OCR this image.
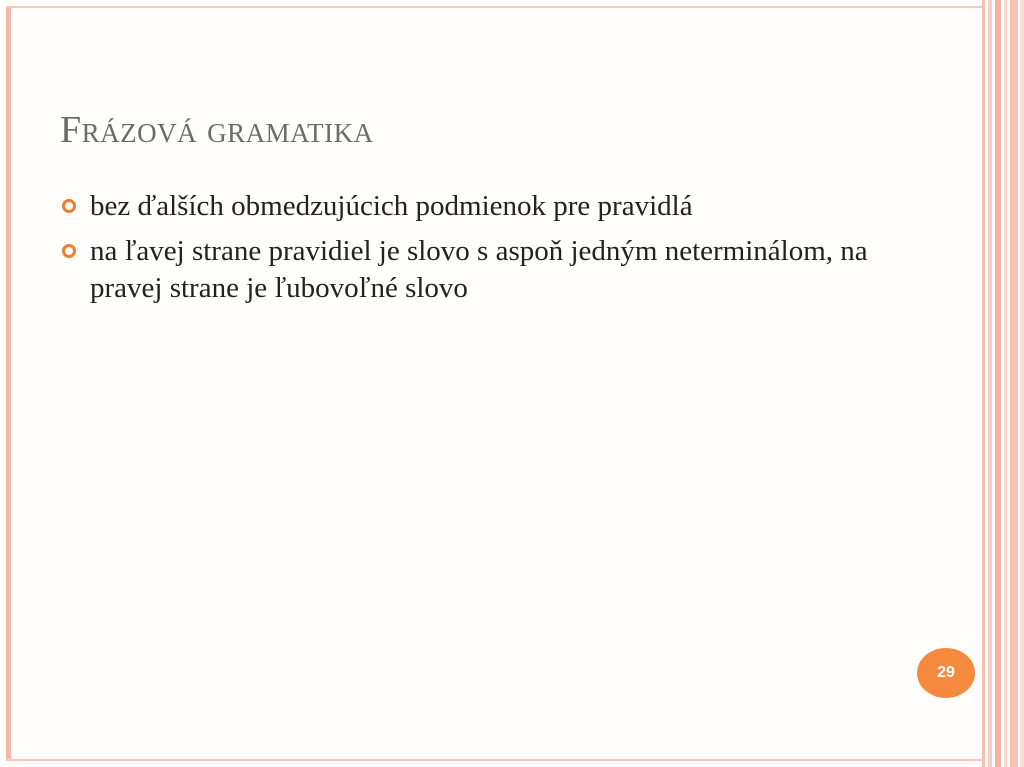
Frázová gramatika
bez ďalších obmedzujúcich podmienok pre pravidlá
na ľavej strane pravidiel je slovo s aspoň jedným neterminálom, na pravej strane je ľubovoľné slovo
29
